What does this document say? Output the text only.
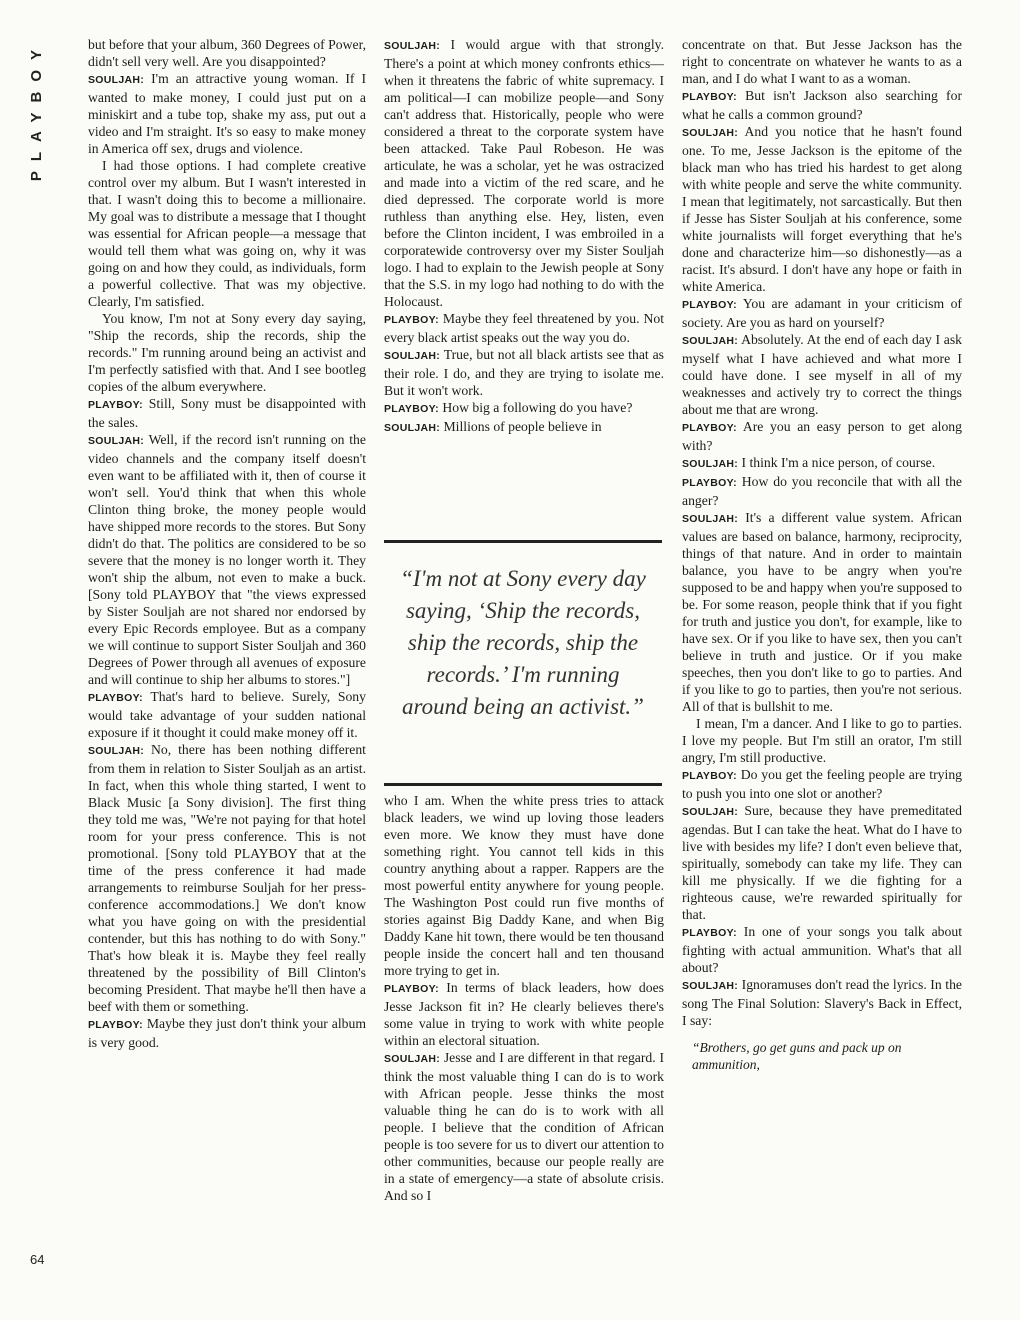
PLAYBOY	but before that your album, 360 Degrees of Power, didn't sell very well. Are you disappointed?

SOULJAH: I'm an attractive young woman. If I wanted to make money, I could just put on a miniskirt and a tube top, shake my ass, put out a video and I'm straight. It's so easy to make money in America off sex, drugs and violence.

I had those options. I had complete creative control over my album. But I wasn't interested in that. I wasn't doing this to become a millionaire. My goal was to distribute a message that I thought was essential for African people—a message that would tell them what was going on, why it was going on and how they could, as individuals, form a powerful collective. That was my objective. Clearly, I'm satisfied.

You know, I'm not at Sony every day saying, "Ship the records, ship the records, ship the records." I'm running around being an activist and I'm perfectly satisfied with that. And I see bootleg copies of the album everywhere.

PLAYBOY: Still, Sony must be disappointed with the sales.

SOULJAH: Well, if the record isn't running on the video channels and the company itself doesn't even want to be affiliated with it, then of course it won't sell. You'd think that when this whole Clinton thing broke, the money people would have shipped more records to the stores. But Sony didn't do that. The politics are considered to be so severe that the money is no longer worth it. They won't ship the album, not even to make a buck. [Sony told PLAYBOY that "the views expressed by Sister Souljah are not shared nor endorsed by every Epic Records employee. But as a company we will continue to support Sister Souljah and 360 Degrees of Power through all avenues of exposure and will continue to ship her albums to stores."]

PLAYBOY: That's hard to believe. Surely, Sony would take advantage of your sudden national exposure if it thought it could make money off it.

SOULJAH: No, there has been nothing different from them in relation to Sister Souljah as an artist. In fact, when this whole thing started, I went to Black Music [a Sony division]. The first thing they told me was, "We're not paying for that hotel room for your press conference. This is not promotional. [Sony told PLAYBOY that at the time of the press conference it had made arrangements to reimburse Souljah for her press-conference accommodations.] We don't know what you have going on with the presidential contender, but this has nothing to do with Sony." That's how bleak it is. Maybe they feel really threatened by the possibility of Bill Clinton's becoming President. That maybe he'll then have a beef with them or something.

PLAYBOY: Maybe they just don't think your album is very good.

SOULJAH: I would argue with that strongly. There's a point at which money confronts ethics—when it threatens the fabric of white supremacy. I am political—I can mobilize people—and Sony can't address that. Historically, people who were considered a threat to the corporate system have been attacked. Take Paul Robeson. He was articulate, he was a scholar, yet he was ostracized and made into a victim of the red scare, and he died depressed. The corporate world is more ruthless than anything else. Hey, listen, even before the Clinton incident, I was embroiled in a corporatewide controversy over my Sister Souljah logo. I had to explain to the Jewish people at Sony that the S.S. in my logo had nothing to do with the Holocaust.

PLAYBOY: Maybe they feel threatened by you. Not every black artist speaks out the way you do.

SOULJAH: True, but not all black artists see that as their role. I do, and they are trying to isolate me. But it won't work.

PLAYBOY: How big a following do you have?

SOULJAH: Millions of people believe in

“I'm not at Sony every day saying, ‘Ship the records, ship the records, ship the records.’ I'm running around being an activist.”

who I am. When the white press tries to attack black leaders, we wind up loving those leaders even more. We know they must have done something right. You cannot tell kids in this country anything about a rapper. Rappers are the most powerful entity anywhere for young people. The Washington Post could run five months of stories against Big Daddy Kane, and when Big Daddy Kane hit town, there would be ten thousand people inside the concert hall and ten thousand more trying to get in.

PLAYBOY: In terms of black leaders, how does Jesse Jackson fit in? He clearly believes there's some value in trying to work with white people within an electoral situation.

SOULJAH: Jesse and I are different in that regard. I think the most valuable thing I can do is to work with African people. Jesse thinks the most valuable thing he can do is to work with all people. I believe that the condition of African people is too severe for us to divert our attention to other communities, because our people really are in a state of emergency—a state of absolute crisis. And so I

concentrate on that. But Jesse Jackson has the right to concentrate on whatever he wants to as a man, and I do what I want to as a woman.

PLAYBOY: But isn't Jackson also searching for what he calls a common ground?

SOULJAH: And you notice that he hasn't found one. To me, Jesse Jackson is the epitome of the black man who has tried his hardest to get along with white people and serve the white community. I mean that legitimately, not sarcastically. But then if Jesse has Sister Souljah at his conference, some white journalists will forget everything that he's done and characterize him—so dishonestly—as a racist. It's absurd. I don't have any hope or faith in white America.

PLAYBOY: You are adamant in your criticism of society. Are you as hard on yourself?

SOULJAH: Absolutely. At the end of each day I ask myself what I have achieved and what more I could have done. I see myself in all of my weaknesses and actively try to correct the things about me that are wrong.

PLAYBOY: Are you an easy person to get along with?

SOULJAH: I think I'm a nice person, of course.

PLAYBOY: How do you reconcile that with all the anger?

SOULJAH: It's a different value system. African values are based on balance, harmony, reciprocity, things of that nature. And in order to maintain balance, you have to be angry when you're supposed to be and happy when you're supposed to be. For some reason, people think that if you fight for truth and justice you don't, for example, like to have sex. Or if you like to have sex, then you can't believe in truth and justice. Or if you make speeches, then you don't like to go to parties. And if you like to go to parties, then you're not serious. All of that is bullshit to me.

I mean, I'm a dancer. And I like to go to parties. I love my people. But I'm still an orator, I'm still angry, I'm still productive.

PLAYBOY: Do you get the feeling people are trying to push you into one slot or another?

SOULJAH: Sure, because they have premeditated agendas. But I can take the heat. What do I have to live with besides my life? I don't even believe that, spiritually, somebody can take my life. They can kill me physically. If we die fighting for a righteous cause, we're rewarded spiritually for that.

PLAYBOY: In one of your songs you talk about fighting with actual ammunition. What's that all about?

SOULJAH: Ignoramuses don't read the lyrics. In the song The Final Solution: Slavery's Back in Effect, I say:

“Brothers, go get guns and pack up on ammunition,

64
